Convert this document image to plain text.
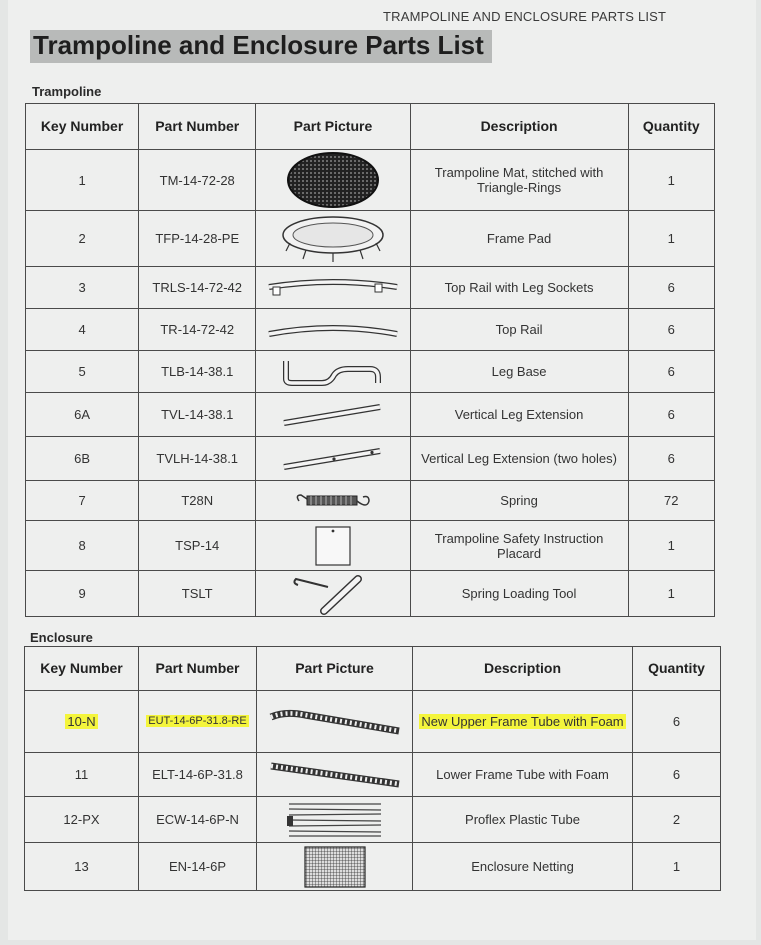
TRAMPOLINE AND ENCLOSURE PARTS LIST
Trampoline and Enclosure Parts List
Trampoline
Key Number	Part Number	Part Picture	Description	Quantity
1	TM-14-72-28		Trampoline Mat, stitched with Triangle-Rings	1
2	TFP-14-28-PE		Frame Pad	1
3	TRLS-14-72-42		Top Rail with Leg Sockets	6
4	TR-14-72-42		Top Rail	6
5	TLB-14-38.1		Leg Base	6
6A	TVL-14-38.1		Vertical Leg Extension	6
6B	TVLH-14-38.1		Vertical Leg Extension (two holes)	6
7	T28N		Spring	72
8	TSP-14		Trampoline Safety Instruction Placard	1
9	TSLT		Spring Loading Tool	1
Enclosure
Key Number	Part Number	Part Picture	Description	Quantity
10-N	EUT-14-6P-31.8-RE		New Upper Frame Tube with Foam	6
11	ELT-14-6P-31.8		Lower Frame Tube with Foam	6
12-PX	ECW-14-6P-N		Proflex Plastic Tube	2
13	EN-14-6P		Enclosure Netting	1
